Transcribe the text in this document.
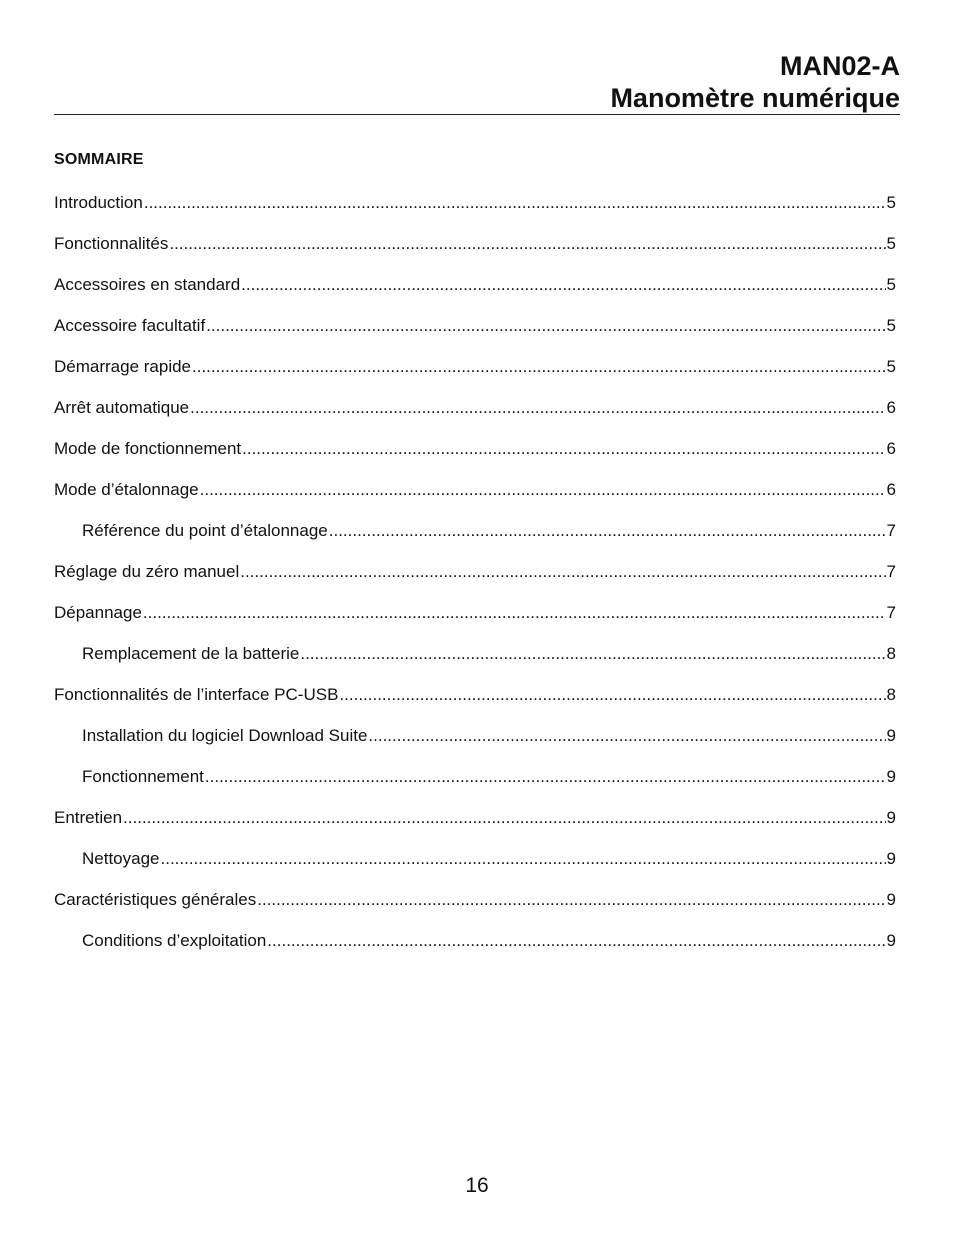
MAN02-A
Manomètre numérique
SOMMAIRE
Introduction .....	5
Fonctionnalités .....	5
Accessoires en standard .....	5
Accessoire facultatif .....	5
Démarrage rapide .....	5
Arrêt automatique .....	6
Mode de fonctionnement .....	6
Mode d’étalonnage .....	6
Référence du point d’étalonnage .....	7
Réglage du zéro manuel .....	7
Dépannage .....	7
Remplacement de la batterie .....	8
Fonctionnalités de l’interface PC-USB .....	8
Installation du logiciel Download Suite .....	9
Fonctionnement .....	9
Entretien .....	9
Nettoyage .....	9
Caractéristiques générales .....	9
Conditions d’exploitation .....	9
16
